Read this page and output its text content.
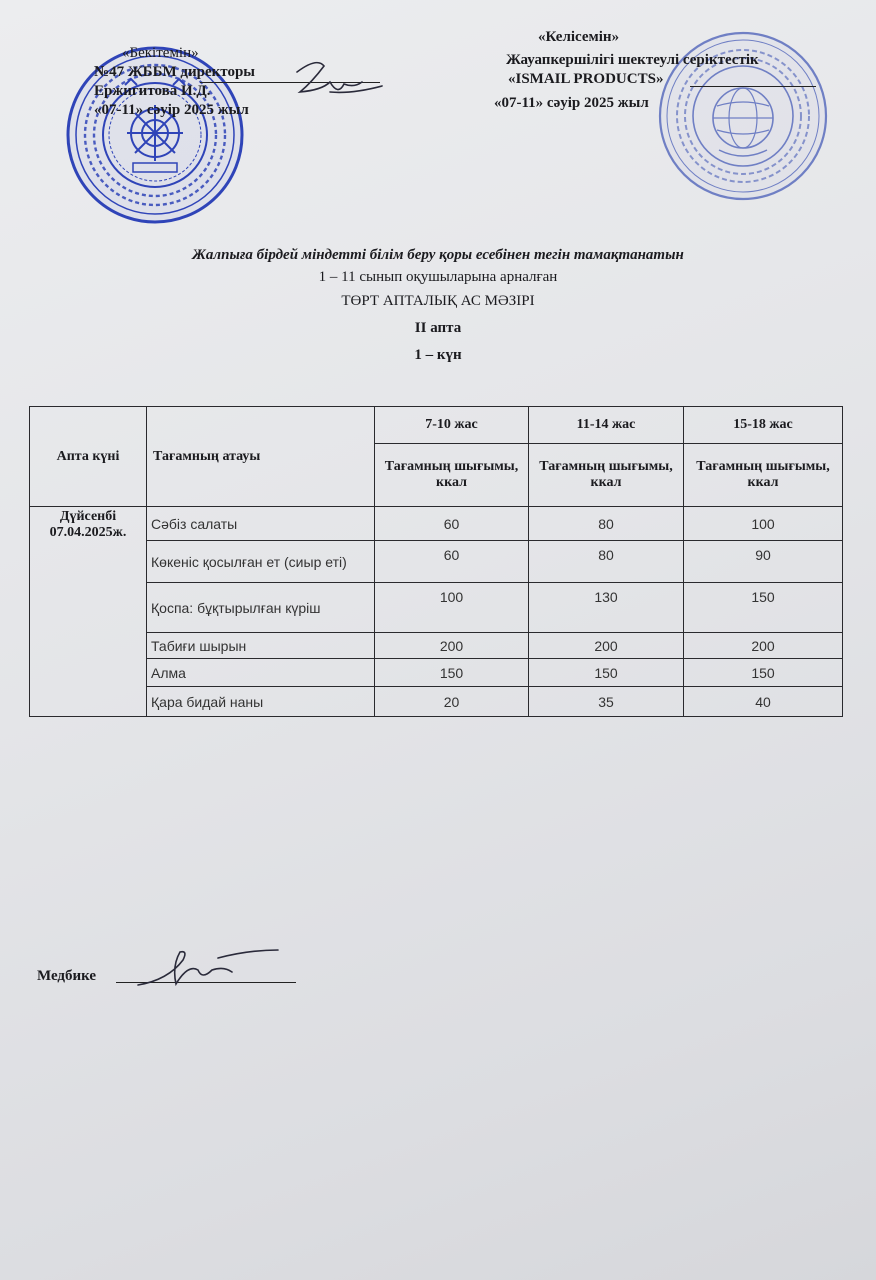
«Бекітемін»
№47 ЖББМ директоры
Ержигитова И.Д.
«07-11» сәуір 2025 жыл
«Келісемін»
Жауапкершілігі шектеулі серіктестік
«ISMAIL PRODUCTS»
«07-11» сәуір 2025 жыл
Жалпыға бірдей міндетті білім беру қоры есебінен тегін тамақтанатын
1 – 11 сынып оқушыларына арналған
ТӨРТ АПТАЛЫҚ АС МӘЗІРІ
ІІ апта
1 – күн
Апта күні	Тағамның атауы	7-10 жас	11-14 жас	15-18 жас
		Тағамның шығымы, ккал	Тағамның шығымы, ккал	Тағамның шығымы, ккал

Дүйсенбі
07.04.2025ж.	Сәбіз салаты	60	80	100
	Көкеніс қосылған ет (сиыр еті)	60	80	90
	Қоспа: бұқтырылған күріш	100	130	150
	Табиғи шырын	200	200	200
	Алма	150	150	150
	Қара бидай наны	20	35	40
Медбике
